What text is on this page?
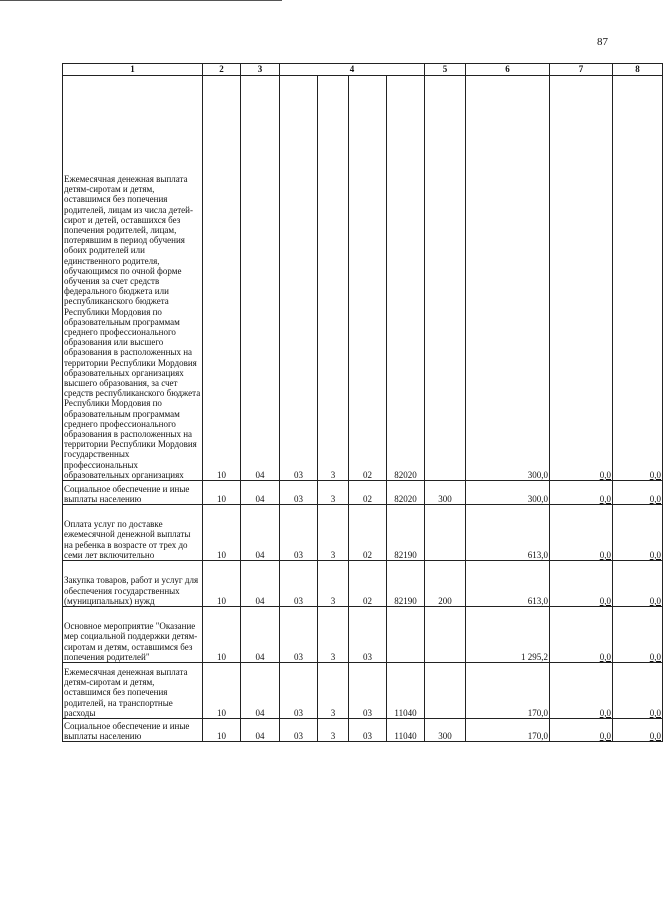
87
1	2	3	4				5	6	7	8
Ежемесячная денежная выплата детям-сиротам и детям, оставшимся без попечения родителей, лицам из числа детей-сирот и детей, оставшихся без попечения родителей, лицам, потерявшим в период обучения обоих родителей или единственного родителя, обучающимся по очной форме обучения за счет средств федерального бюджета или республиканского бюджета Республики Мордовия по образовательным программам среднего профессионального образования или высшего образования в расположенных на территории Республики Мордовия образовательных организациях высшего образования, за счет средств республиканского бюджета Республики Мордовия по образовательным программам среднего профессионального образования в расположенных на территории Республики Мордовия государственных профессиональных образовательных организациях	10	04	03	3	02	82020		300,0	0,0	0,0
Социальное обеспечение и иные выплаты населению	10	04	03	3	02	82020	300	300,0	0,0	0,0
Оплата услуг по доставке ежемесячной денежной выплаты на ребенка в возрасте от трех до семи лет включительно	10	04	03	3	02	82190		613,0	0,0	0,0
Закупка товаров, работ и услуг для обеспечения государственных (муниципальных) нужд	10	04	03	3	02	82190	200	613,0	0,0	0,0
Основное мероприятие "Оказание мер социальной поддержки детям-сиротам и детям, оставшимся без попечения родителей"	10	04	03	3	03			1 295,2	0,0	0,0
Ежемесячная денежная выплата детям-сиротам и детям, оставшимся без попечения родителей, на транспортные расходы	10	04	03	3	03	11040		170,0	0,0	0,0
Социальное обеспечение и иные выплаты населению	10	04	03	3	03	11040	300	170,0	0,0	0,0
